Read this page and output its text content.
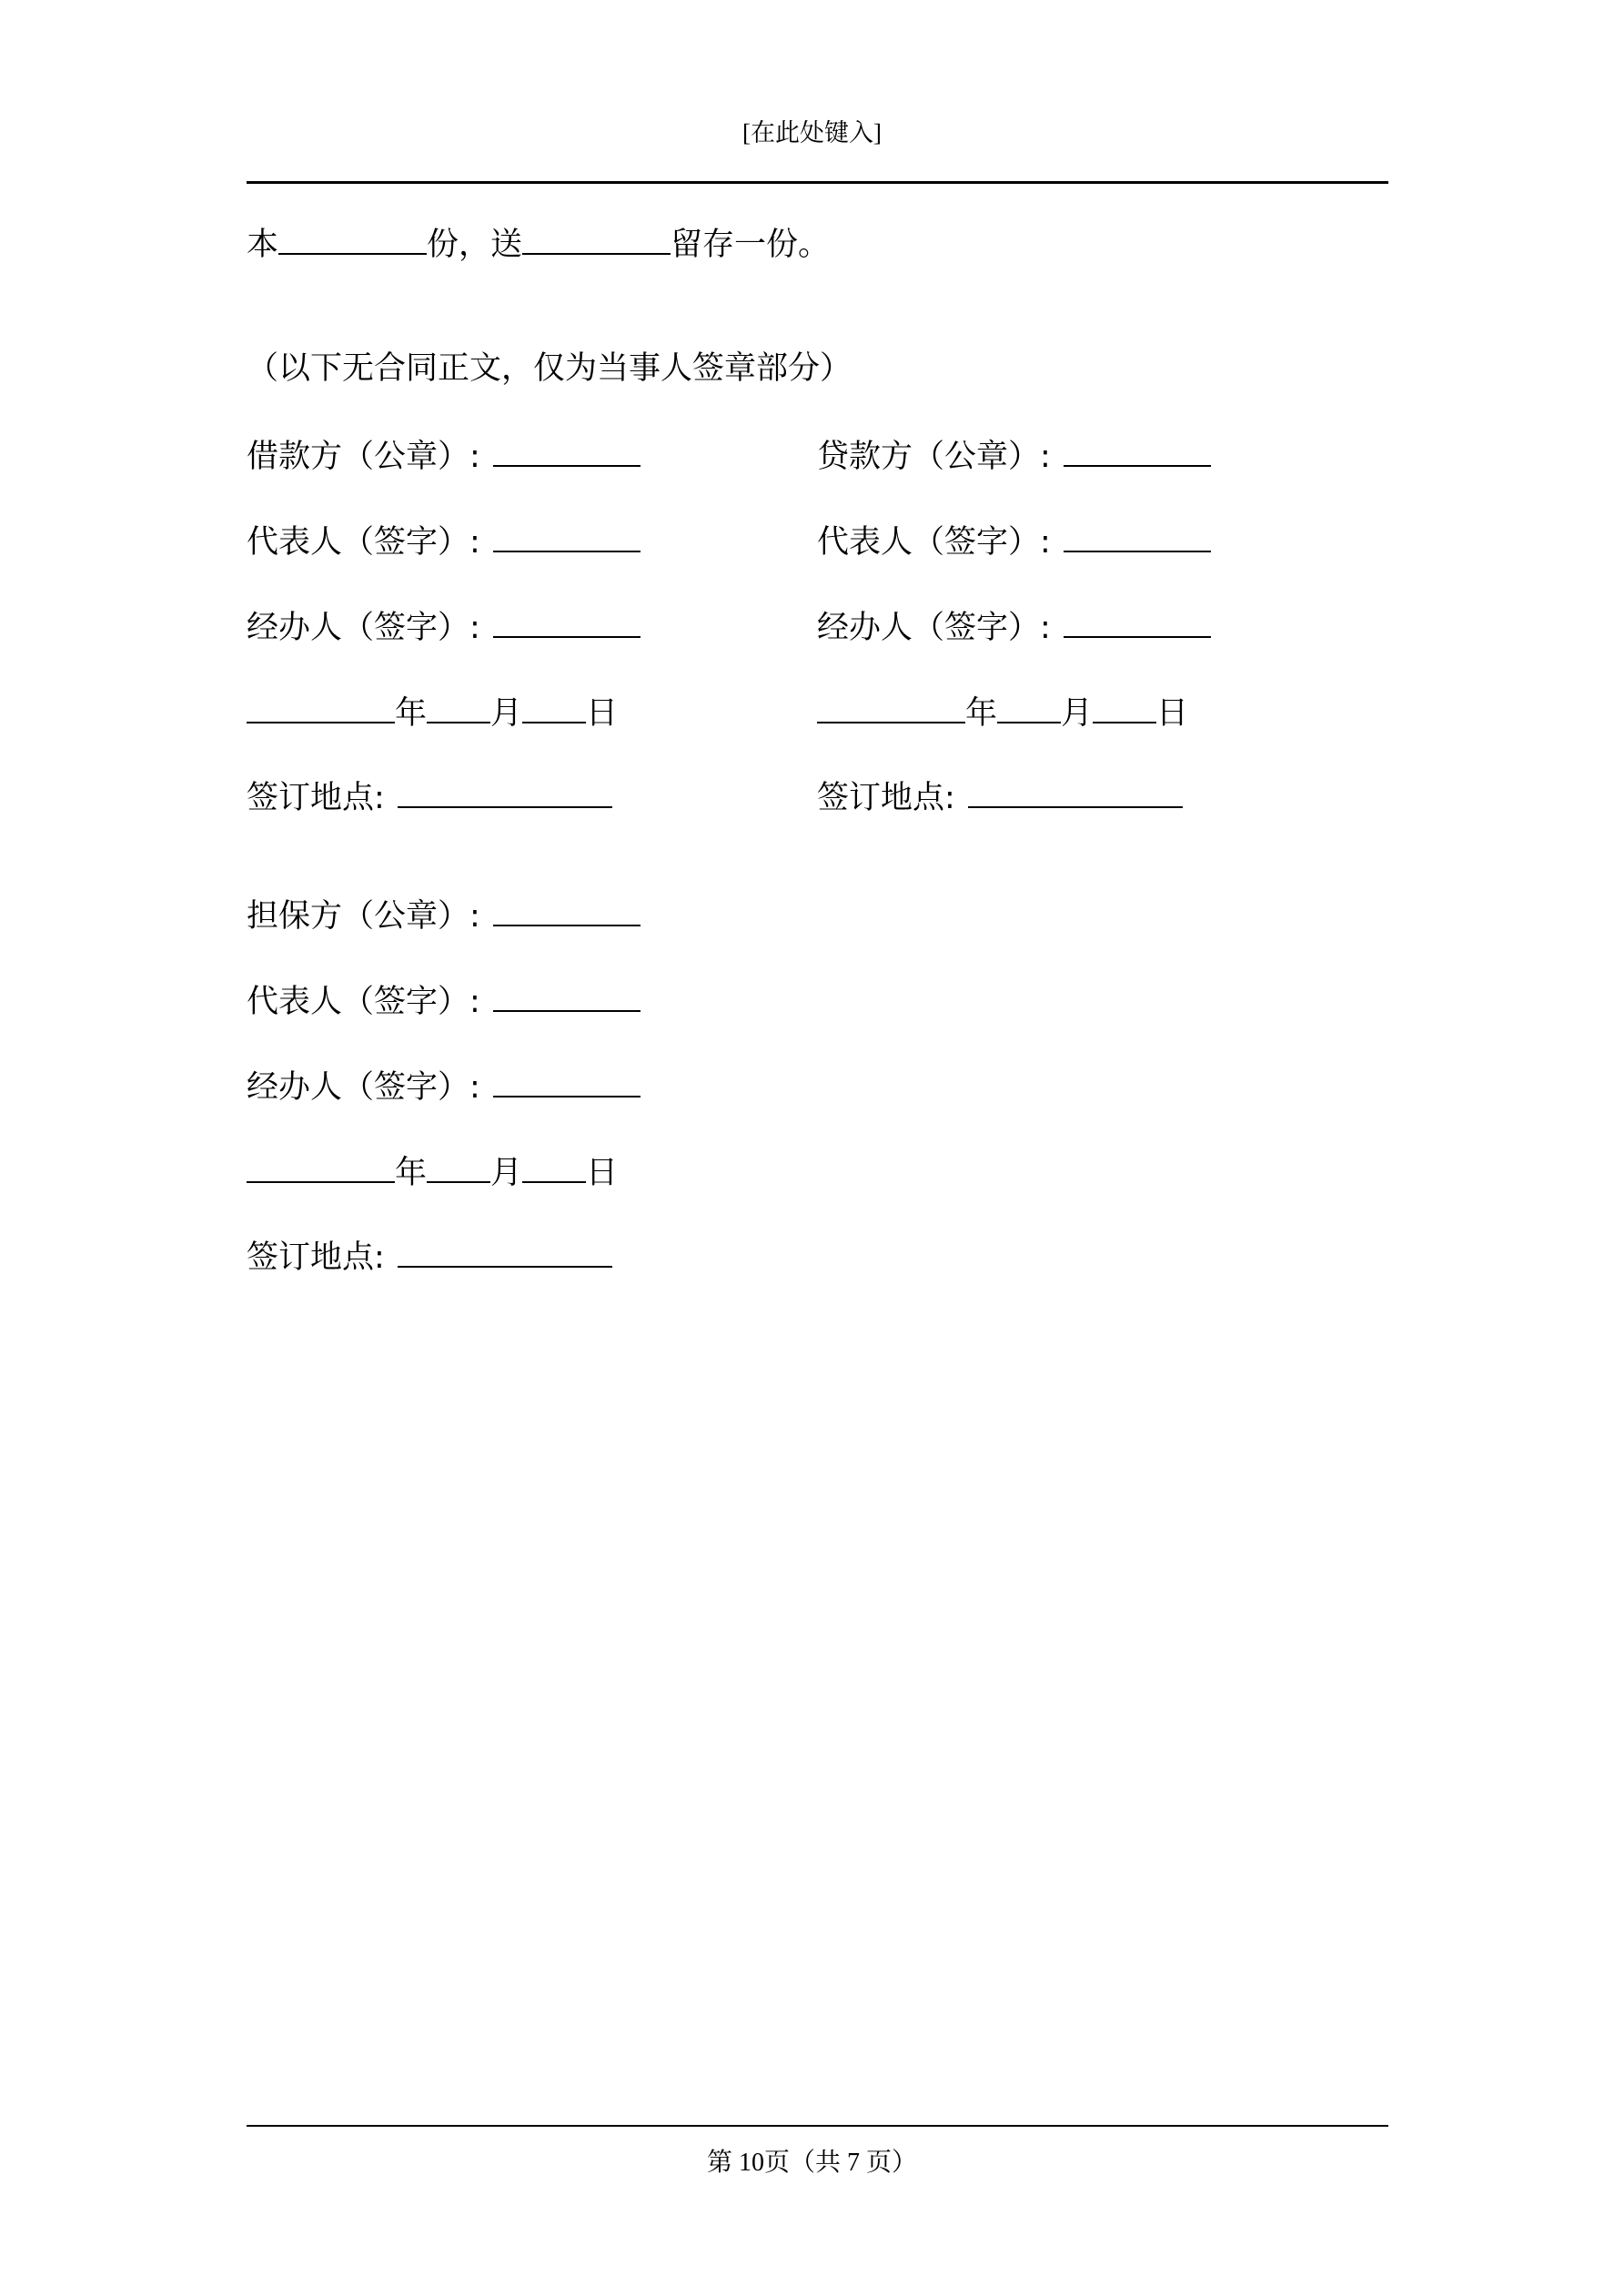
[在此处键入]
本	份，送	留存一份。
（以下无合同正文，仅为当事人签章部分）
借款方（公章）:
代表人（签字）:
经办人（签字）:
年 月 日
签订地点:
贷款方（公章）:
代表人（签字）:
经办人（签字）:
年 月 日
签订地点:
担保方（公章）:
代表人（签字）:
经办人（签字）:
年 月 日
签订地点:
第 10页（共 7 页）
